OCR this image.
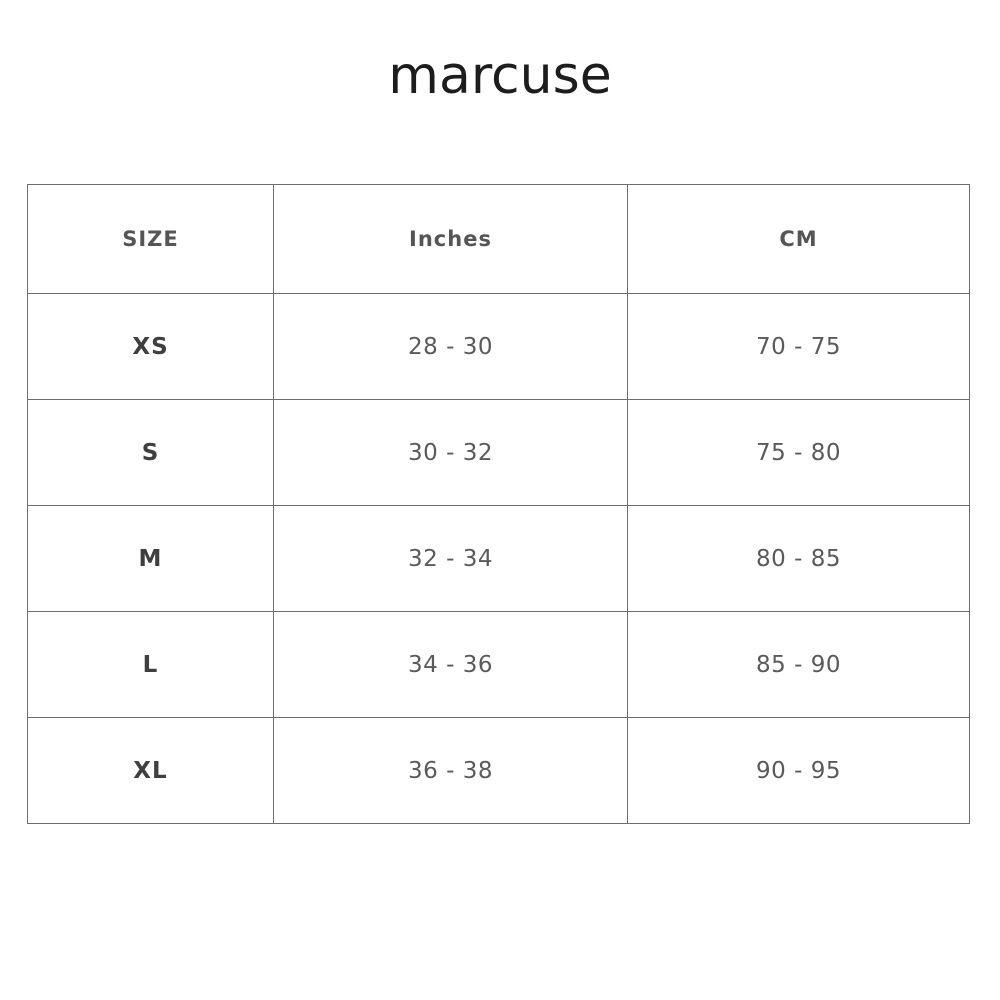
marcuse
SIZE	Inches	CM
XS	28 - 30	70 - 75
S	30 - 32	75 - 80
M	32 - 34	80 - 85
L	34 - 36	85 - 90
XL	36 - 38	90 - 95
